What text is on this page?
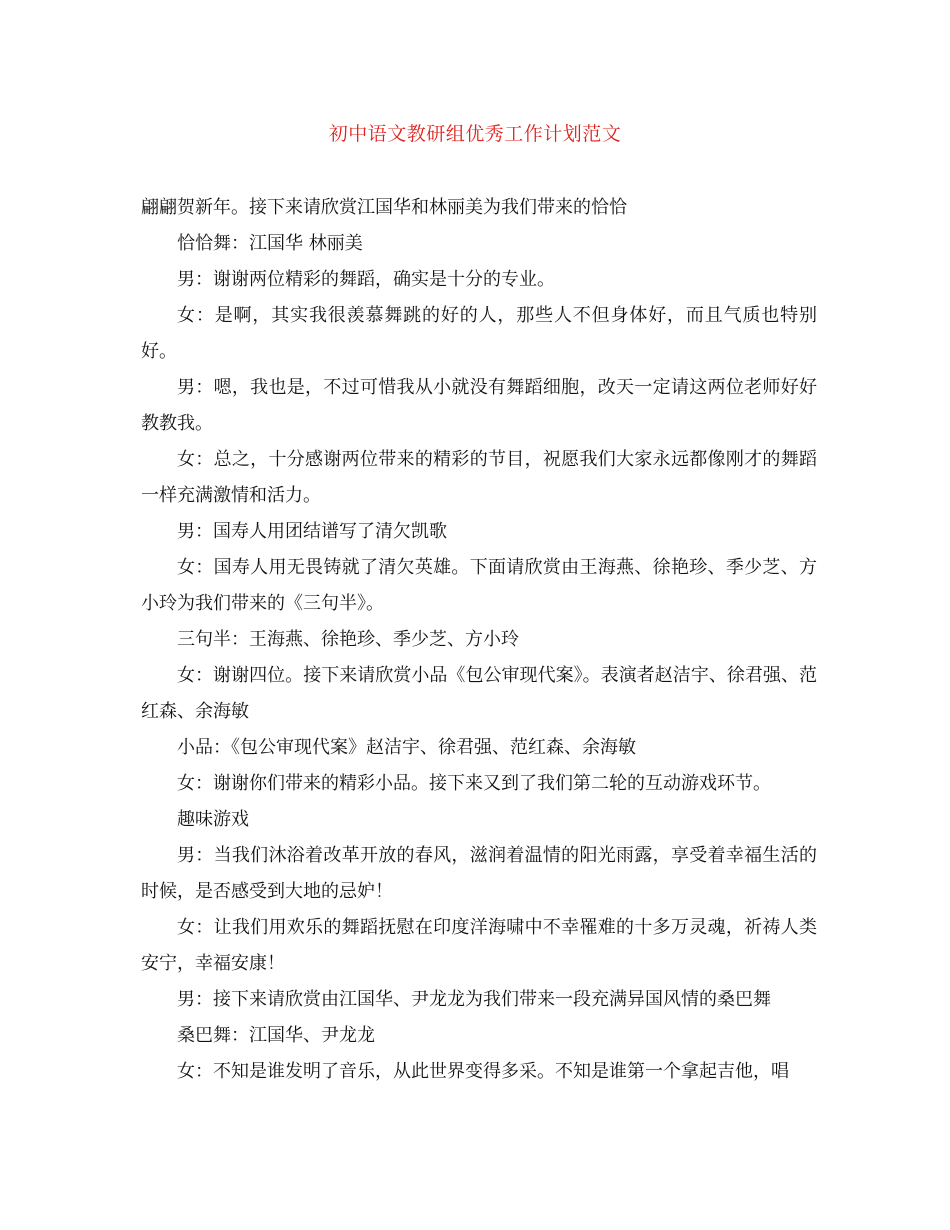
初中语文教研组优秀工作计划范文

翩翩贺新年。接下来请欣赏江国华和林丽美为我们带来的恰恰

恰恰舞：江国华 林丽美

男：谢谢两位精彩的舞蹈，确实是十分的专业。

女：是啊，其实我很羡慕舞跳的好的人，那些人不但身体好，而且气质也特别好。

男：嗯，我也是，不过可惜我从小就没有舞蹈细胞，改天一定请这两位老师好好教教我。

女：总之，十分感谢两位带来的精彩的节目，祝愿我们大家永远都像刚才的舞蹈一样充满激情和活力。

男：国寿人用团结谱写了清欠凯歌

女：国寿人用无畏铸就了清欠英雄。下面请欣赏由王海燕、徐艳珍、季少芝、方小玲为我们带来的《三句半》。

三句半：王海燕、徐艳珍、季少芝、方小玲

女：谢谢四位。接下来请欣赏小品《包公审现代案》。表演者赵洁宇、徐君强、范红森、余海敏

小品：《包公审现代案》赵洁宇、徐君强、范红森、余海敏

女：谢谢你们带来的精彩小品。接下来又到了我们第二轮的互动游戏环节。

趣味游戏

男：当我们沐浴着改革开放的春风，滋润着温情的阳光雨露，享受着幸福生活的时候，是否感受到大地的忌妒！

女：让我们用欢乐的舞蹈抚慰在印度洋海啸中不幸罹难的十多万灵魂，祈祷人类安宁，幸福安康！

男：接下来请欣赏由江国华、尹龙龙为我们带来一段充满异国风情的桑巴舞

桑巴舞：江国华、尹龙龙

女：不知是谁发明了音乐，从此世界变得多采。不知是谁第一个拿起吉他，唱
